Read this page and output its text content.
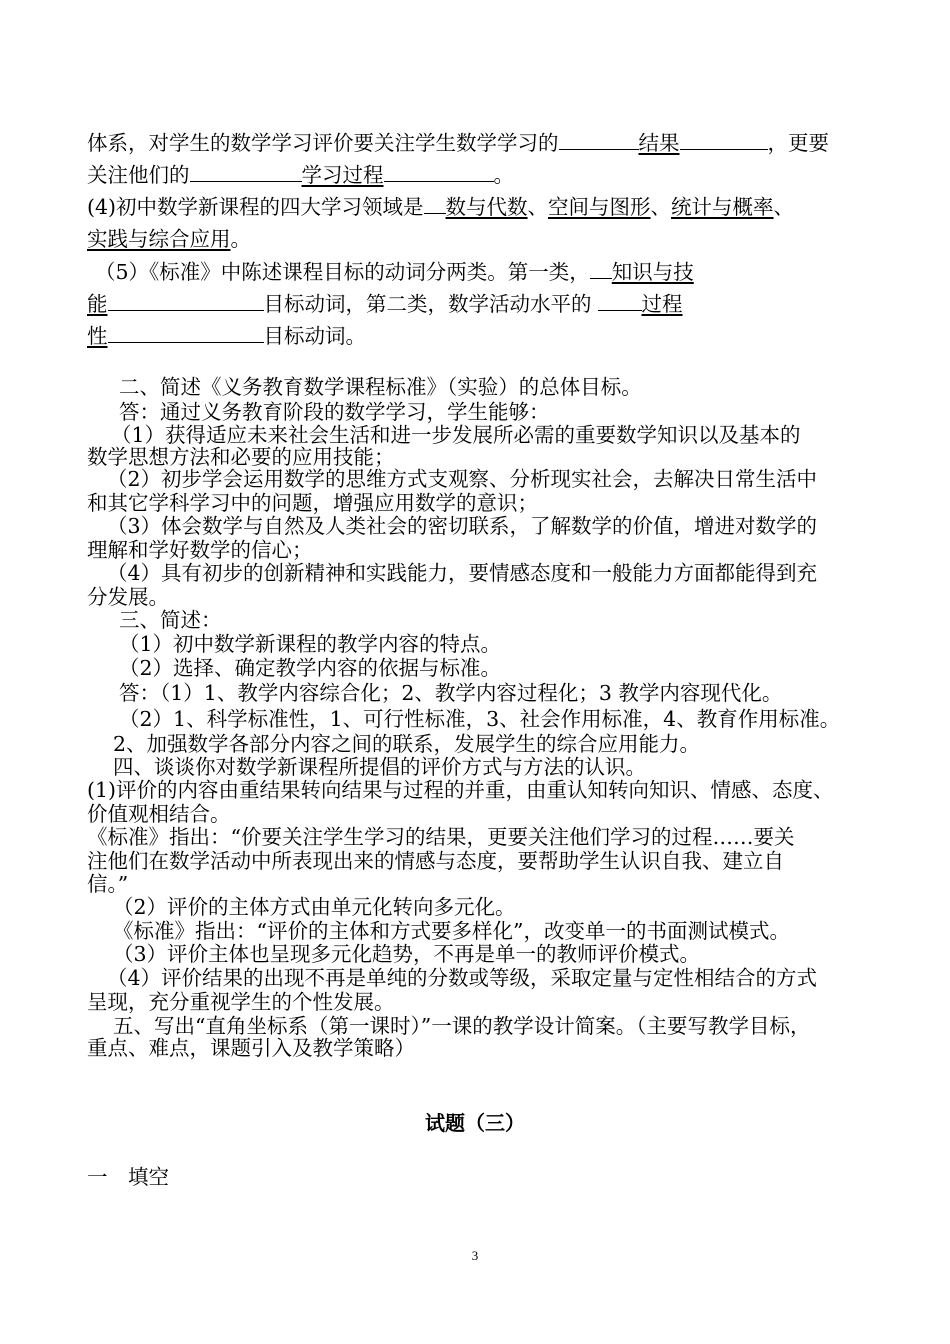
体系，对学生的数学学习评价要关注学生数学学习的	结果	，更要
关注他们的	学习过程	。
(4)初中数学新课程的四大学习领域是 数与代数、空间与图形、统计与概率、
实践与综合应用。
（5）《标准》中陈述课程目标的动词分两类。第一类， 知识与技
能	目标动词，第二类，数学活动水平的 过程
性	目标动词。
二、简述《义务教育数学课程标准》（实验）的总体目标。
答：通过义务教育阶段的数学学习，学生能够：
（1）获得适应未来社会生活和进一步发展所必需的重要数学知识以及基本的
数学思想方法和必要的应用技能；
（2）初步学会运用数学的思维方式支观察、分析现实社会，去解决日常生活中
和其它学科学习中的问题，增强应用数学的意识；
（3）体会数学与自然及人类社会的密切联系，了解数学的价值，增进对数学的
理解和学好数学的信心；
（4）具有初步的创新精神和实践能力，要情感态度和一般能力方面都能得到充
分发展。
三、简述：
（1）初中数学新课程的教学内容的特点。
（2）选择、确定教学内容的依据与标准。
答：（1）1、教学内容综合化；2、教学内容过程化；3 教学内容现代化。
（2）1、科学标准性，1、可行性标准，3、社会作用标准，4、教育作用标准。
2、加强数学各部分内容之间的联系，发展学生的综合应用能力。
四、谈谈你对数学新课程所提倡的评价方式与方法的认识。
(1)评价的内容由重结果转向结果与过程的并重，由重认知转向知识、情感、态度、
价值观相结合。
《标准》指出：“价要关注学生学习的结果，更要关注他们学习的过程……要关
注他们在数学活动中所表现出来的情感与态度，要帮助学生认识自我、建立自
信。”
（2）评价的主体方式由单元化转向多元化。
《标准》指出：“评价的主体和方式要多样化”，改变单一的书面测试模式。
（3）评价主体也呈现多元化趋势，不再是单一的教师评价模式。
（4）评价结果的出现不再是单纯的分数或等级，采取定量与定性相结合的方式
呈现，充分重视学生的个性发展。
五、写出“直角坐标系（第一课时）”一课的教学设计简案。（主要写教学目标，
重点、难点，课题引入及教学策略）
试题（三）
一　填空
3
